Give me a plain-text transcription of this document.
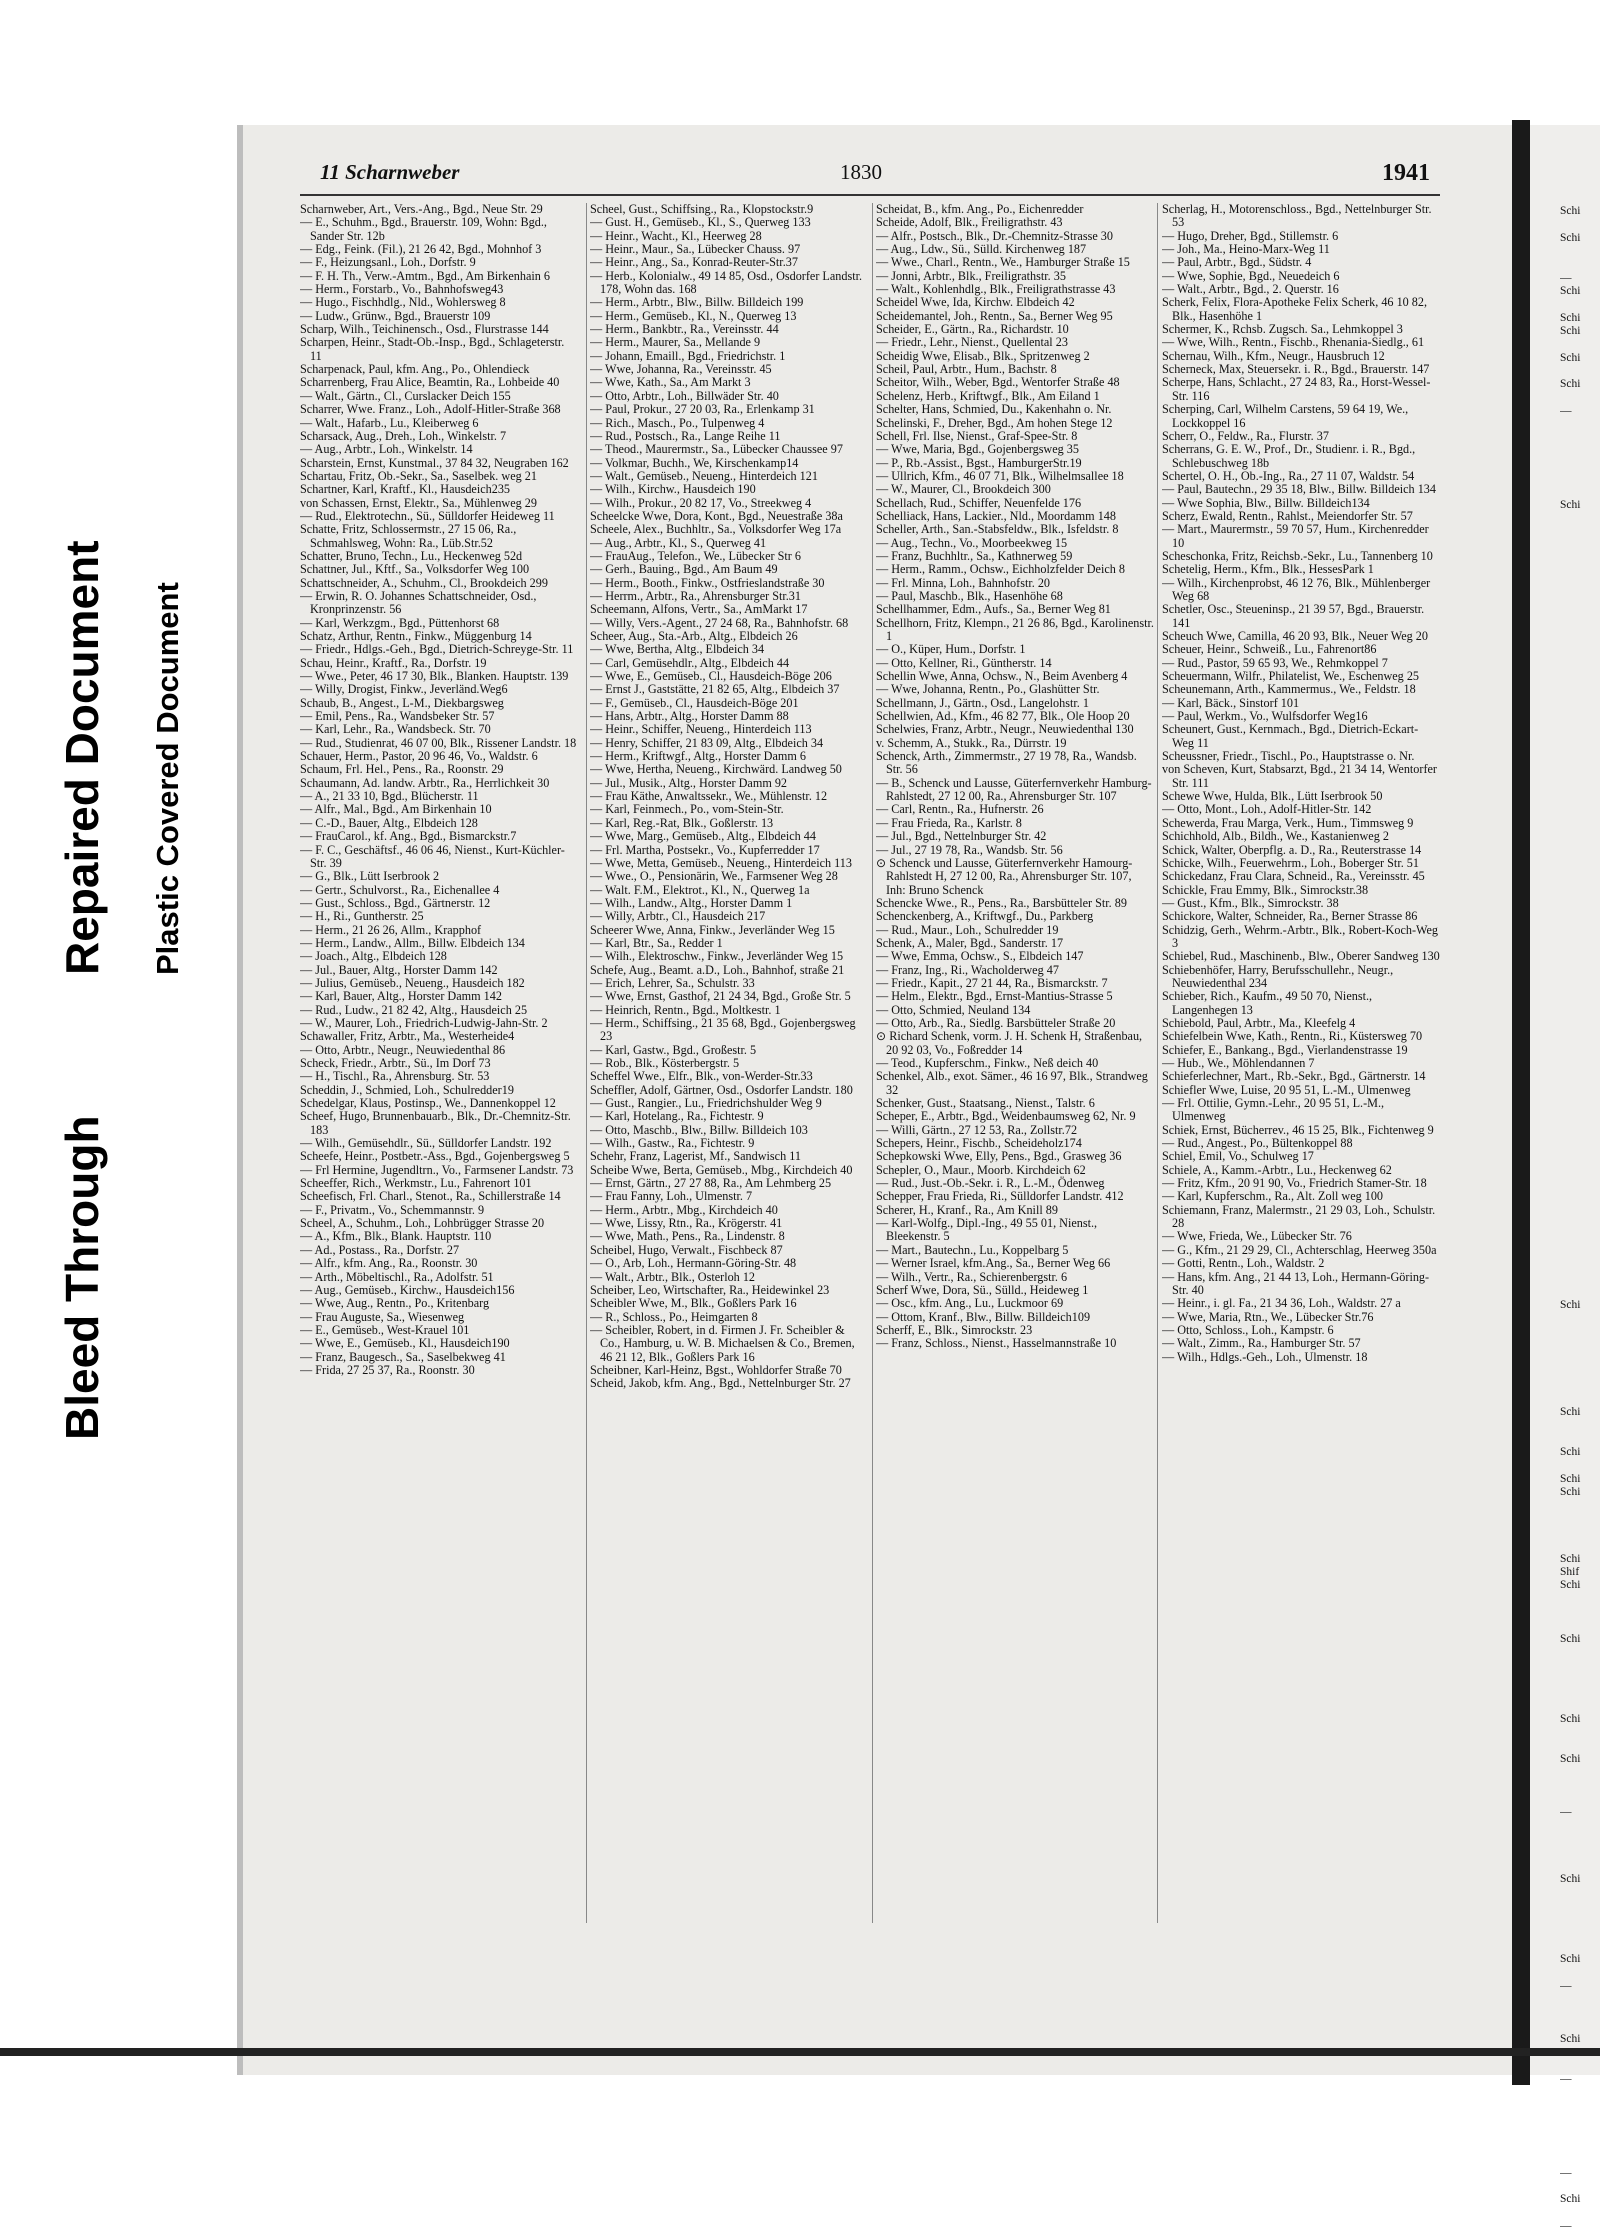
Bleed Through
Repaired Document Plastic Covered Document
11 Scharnweber	1830	1941
Scharnweber, Art., Vers.-Ang., Bgd., Neue Str. 29
— E., Schuhm., Bgd., Brauerstr. 109, Wohn: Bgd., Sander Str. 12b
— Edg., Feink. (Fil.), 21 26 42, Bgd., Mohnhof 3
— F., Heizungsanl., Loh., Dorfstr. 9
— F. H. Th., Verw.-Amtm., Bgd., Am Birkenhain 6
— Herm., Forstarb., Vo., Bahnhofsweg43
— Hugo., Fischhdlg., Nld., Wohlersweg 8
— Ludw., Grünw., Bgd., Brauerstr 109
Scharp, Wilh., Teichinensch., Osd., Flurstrasse 144
Scharpen, Heinr., Stadt-Ob.-Insp., Bgd., Schlageterstr. 11
Scharpenack, Paul, kfm. Ang., Po., Ohlendieck
Scharrenberg, Frau Alice, Beamtin, Ra., Lohbeide 40
— Walt., Gärtn., Cl., Curslacker Deich 155
Scharrer, Wwe. Franz., Loh., Adolf-Hitler-Straße 368
— Walt., Hafarb., Lu., Kleiberweg 6
Scharsack, Aug., Dreh., Loh., Winkelstr. 7
— Aug., Arbtr., Loh., Winkelstr. 14
Scharstein, Ernst, Kunstmal., 37 84 32, Neugraben 162
Schartau, Fritz, Ob.-Sekr., Sa., Saselbek. weg 21
Schartner, Karl, Kraftf., Kl., Hausdeich235
von Schassen, Ernst, Elektr., Sa., Mühlenweg 29
— Rud., Elektrotechn., Sü., Sülldorfer Heideweg 11
Schatte, Fritz, Schlossermstr., 27 15 06, Ra., Schmahlsweg, Wohn: Ra., Lüb.Str.52
Schatter, Bruno, Techn., Lu., Heckenweg 52d
Schattner, Jul., Kftf., Sa., Volksdorfer Weg 100
Schattschneider, A., Schuhm., Cl., Brookdeich 299
— Erwin, R. O. Johannes Schattschneider, Osd., Kronprinzenstr. 56
— Karl, Werkzgm., Bgd., Püttenhorst 68
Schatz, Arthur, Rentn., Finkw., Müggenburg 14
— Friedr., Hdlgs.-Geh., Bgd., Dietrich-Schreyge-Str. 11
Schau, Heinr., Kraftf., Ra., Dorfstr. 19
— Wwe., Peter, 46 17 30, Blk., Blanken. Hauptstr. 139
— Willy, Drogist, Finkw., Jeverländ.Weg6
Schaub, B., Angest., L-M., Diekbargsweg
— Emil, Pens., Ra., Wandsbeker Str. 57
— Karl, Lehr., Ra., Wandsbeck. Str. 70
— Rud., Studienrat, 46 07 00, Blk., Rissener Landstr. 18
Schauer, Herm., Pastor, 20 96 46, Vo., Waldstr. 6
Schaum, Frl. Hel., Pens., Ra., Roonstr. 29
Schaumann, Ad. landw. Arbtr., Ra., Herrlichkeit 30
— A., 21 33 10, Bgd., Blücherstr. 11
— Alfr., Mal., Bgd., Am Birkenhain 10
— C.-D., Bauer, Altg., Elbdeich 128
— FrauCarol., kf. Ang., Bgd., Bismarckstr.7
— F. C., Geschäftsf., 46 06 46, Nienst., Kurt-Küchler-Str. 39
— G., Blk., Lütt Iserbrook 2
— Gertr., Schulvorst., Ra., Eichenallee 4
— Gust., Schloss., Bgd., Gärtnerstr. 12
— H., Ri., Guntherstr. 25
— Herm., 21 26 26, Allm., Krapphof
— Herm., Landw., Allm., Billw. Elbdeich 134
— Joach., Altg., Elbdeich 128
— Jul., Bauer, Altg., Horster Damm 142
— Julius, Gemüseb., Neueng., Hausdeich 182
— Karl, Bauer, Altg., Horster Damm 142
— Rud., Ludw., 21 82 42, Altg., Hausdeich 25
— W., Maurer, Loh., Friedrich-Ludwig-Jahn-Str. 2
Schawaller, Fritz, Arbtr., Ma., Westerheide4
— Otto, Arbtr., Neugr., Neuwiedenthal 86
Scheck, Friedr., Arbtr., Sü., Im Dorf 73
— H., Tischl., Ra., Ahrensburg. Str. 53
Scheddin, J., Schmied, Loh., Schulredder19
Schedelgar, Klaus, Postinsp., We., Dannenkoppel 12
Scheef, Hugo, Brunnenbauarb., Blk., Dr.-Chemnitz-Str. 183
— Wilh., Gemüsehdlr., Sü., Sülldorfer Landstr. 192
Scheefe, Heinr., Postbetr.-Ass., Bgd., Gojenbergsweg 5
— Frl Hermine, Jugendltrn., Vo., Farmsener Landstr. 73
Scheeffer, Rich., Werkmstr., Lu., Fahrenort 101
Scheefisch, Frl. Charl., Stenot., Ra., Schillerstraße 14
— F., Privatm., Vo., Schemmannstr. 9
Scheel, A., Schuhm., Loh., Lohbrügger Strasse 20
— A., Kfm., Blk., Blank. Hauptstr. 110
— Ad., Postass., Ra., Dorfstr. 27
— Alfr., kfm. Ang., Ra., Roonstr. 30
— Arth., Möbeltischl., Ra., Adolfstr. 51
— Aug., Gemüseb., Kirchw., Hausdeich156
— Wwe, Aug., Rentn., Po., Kritenbarg
— Frau Auguste, Sa., Wiesenweg
— E., Gemüseb., West-Krauel 101
— Wwe, E., Gemüseb., Kl., Hausdeich190
— Franz, Baugesch., Sa., Saselbekweg 41
— Frida, 27 25 37, Ra., Roonstr. 30
Scheel, Gust., Schiffsing., Ra., Klopstockstr.9
— Gust. H., Gemüseb., Kl., S., Querweg 133
— Heinr., Wacht., Kl., Heerweg 28
— Heinr., Maur., Sa., Lübecker Chauss. 97
— Heinr., Ang., Sa., Konrad-Reuter-Str.37
— Herb., Kolonialw., 49 14 85, Osd., Osdorfer Landstr. 178, Wohn das. 168
— Herm., Arbtr., Blw., Billw. Billdeich 199
— Herm., Gemüseb., Kl., N., Querweg 13
— Herm., Bankbtr., Ra., Vereinsstr. 44
— Herm., Maurer, Sa., Mellande 9
— Johann, Emaill., Bgd., Friedrichstr. 1
— Wwe, Johanna, Ra., Vereinsstr. 45
— Wwe, Kath., Sa., Am Markt 3
— Otto, Arbtr., Loh., Billwäder Str. 40
— Paul, Prokur., 27 20 03, Ra., Erlenkamp 31
— Rich., Masch., Po., Tulpenweg 4
— Rud., Postsch., Ra., Lange Reihe 11
— Theod., Maurermstr., Sa., Lübecker Chaussee 97
— Volkmar, Buchh., We, Kirschenkamp14
— Walt., Gemüseb., Neueng., Hinterdeich 121
— Wilh., Kirchw., Hausdeich 190
— Wilh., Prokur., 20 82 17, Vo., Streekweg 4
Scheelcke Wwe, Dora, Kont., Bgd., Neuestraße 38a
Scheele, Alex., Buchhltr., Sa., Volksdorfer Weg 17a
— Aug., Arbtr., Kl., S., Querweg 41
— FrauAug., Telefon., We., Lübecker Str 6
— Gerh., Bauing., Bgd., Am Baum 49
— Herm., Booth., Finkw., Ostfrieslandstraße 30
— Herrm., Arbtr., Ra., Ahrensburger Str.31
Scheemann, Alfons, Vertr., Sa., AmMarkt 17
— Willy, Vers.-Agent., 27 24 68, Ra., Bahnhofstr. 68
Scheer, Aug., Sta.-Arb., Altg., Elbdeich 26
— Wwe, Bertha, Altg., Elbdeich 34
— Carl, Gemüsehdlr., Altg., Elbdeich 44
— Wwe, E., Gemüseb., Cl., Hausdeich-Böge 206
— Ernst J., Gaststätte, 21 82 65, Altg., Elbdeich 37
— F., Gemüseb., Cl., Hausdeich-Böge 201
— Hans, Arbtr., Altg., Horster Damm 88
— Heinr., Schiffer, Neueng., Hinterdeich 113
— Henry, Schiffer, 21 83 09, Altg., Elbdeich 34
— Herm., Kriftwgf., Altg., Horster Damm 6
— Wwe, Hertha, Neueng., Kirchwärd. Landweg 50
— Jul., Musik., Altg., Horster Damm 92
— Frau Käthe, Anwaltssekr., We., Mühlenstr. 12
— Karl, Feinmech., Po., vom-Stein-Str.
— Karl, Reg.-Rat, Blk., Goßlerstr. 13
— Wwe, Marg., Gemüseb., Altg., Elbdeich 44
— Frl. Martha, Postsekr., Vo., Kupferredder 17
— Wwe, Metta, Gemüseb., Neueng., Hinterdeich 113
— Wwe., O., Pensionärin, We., Farmsener Weg 28
— Walt. F.M., Elektrot., Kl., N., Querweg 1a
— Wilh., Landw., Altg., Horster Damm 1
— Willy, Arbtr., Cl., Hausdeich 217
Scheerer Wwe, Anna, Finkw., Jeverländer Weg 15
— Karl, Btr., Sa., Redder 1
— Wilh., Elektroschw., Finkw., Jeverländer Weg 15
Schefe, Aug., Beamt. a.D., Loh., Bahnhof, straße 21
— Erich, Lehrer, Sa., Schulstr. 33
— Wwe, Ernst, Gasthof, 21 24 34, Bgd., Große Str. 5
— Heinrich, Rentn., Bgd., Moltkestr. 1
— Herm., Schiffsing., 21 35 68, Bgd., Gojenbergsweg 23
— Karl, Gastw., Bgd., Großestr. 5
— Rob., Blk., Kösterbergstr. 5
Scheffel Wwe., Elfr., Blk., von-Werder-Str.33
Scheffler, Adolf, Gärtner, Osd., Osdorfer Landstr. 180
— Gust., Rangier., Lu., Friedrichshulder Weg 9
— Karl, Hotelang., Ra., Fichtestr. 9
— Otto, Maschb., Blw., Billw. Billdeich 103
— Wilh., Gastw., Ra., Fichtestr. 9
Schehr, Franz, Lagerist, Mf., Sandwisch 11
Scheibe Wwe, Berta, Gemüseb., Mbg., Kirchdeich 40
— Ernst, Gärtn., 27 27 88, Ra., Am Lehmberg 25
— Frau Fanny, Loh., Ulmenstr. 7
— Herm., Arbtr., Mbg., Kirchdeich 40
— Wwe, Lissy, Rtn., Ra., Krögerstr. 41
— Wwe, Math., Pens., Ra., Lindenstr. 8
Scheibel, Hugo, Verwalt., Fischbeck 87
— O., Arb, Loh., Hermann-Göring-Str. 48
— Walt., Arbtr., Blk., Osterloh 12
Scheiber, Leo, Wirtschafter, Ra., Heidewinkel 23
Scheibler Wwe, M., Blk., Goßlers Park 16
— R., Schloss., Po., Heimgarten 8
— Scheibler, Robert, in d. Firmen J. Fr. Scheibler & Co., Hamburg, u. W. B. Michaelsen & Co., Bremen, 46 21 12, Blk., Goßlers Park 16
Scheibner, Karl-Heinz, Bgst., Wohldorfer Straße 70
Scheid, Jakob, kfm. Ang., Bgd., Nettelnburger Str. 27
Scheidat, B., kfm. Ang., Po., Eichenredder
Scheide, Adolf, Blk., Freiligrathstr. 43
— Alfr., Postsch., Blk., Dr.-Chemnitz-Strasse 30
— Aug., Ldw., Sü., Sülld. Kirchenweg 187
— Wwe., Charl., Rentn., We., Hamburger Straße 15
— Jonni, Arbtr., Blk., Freiligrathstr. 35
— Walt., Kohlenhdlg., Blk., Freiligrathstrasse 43
Scheidel Wwe, Ida, Kirchw. Elbdeich 42
Scheidemantel, Joh., Rentn., Sa., Berner Weg 95
Scheider, E., Gärtn., Ra., Richardstr. 10
— Friedr., Lehr., Nienst., Quellental 23
Scheidig Wwe, Elisab., Blk., Spritzenweg 2
Scheil, Paul, Arbtr., Hum., Bachstr. 8
Scheitor, Wilh., Weber, Bgd., Wentorfer Straße 48
Schelenz, Herb., Kriftwgf., Blk., Am Eiland 1
Schelter, Hans, Schmied, Du., Kakenhahn o. Nr.
Schelinski, F., Dreher, Bgd., Am hohen Stege 12
Schell, Frl. Ilse, Nienst., Graf-Spee-Str. 8
— Wwe, Maria, Bgd., Gojenbergsweg 35
— P., Rb.-Assist., Bgst., HamburgerStr.19
— Ullrich, Kfm., 46 07 71, Blk., Wilhelmsallee 18
— W., Maurer, Cl., Brookdeich 300
Schellach, Rud., Schiffer, Neuenfelde 176
Schelliack, Hans, Lackier., Nld., Moordamm 148
Scheller, Arth., San.-Stabsfeldw., Blk., Isfeldstr. 8
— Aug., Techn., Vo., Moorbeekweg 15
— Franz, Buchhltr., Sa., Kathnerweg 59
— Herm., Ramm., Ochsw., Eichholzfelder Deich 8
— Frl. Minna, Loh., Bahnhofstr. 20
— Paul, Maschb., Blk., Hasenhöhe 68
Schellhammer, Edm., Aufs., Sa., Berner Weg 81
Schellhorn, Fritz, Klempn., 21 26 86, Bgd., Karolinenstr. 1
— O., Küper, Hum., Dorfstr. 1
— Otto, Kellner, Ri., Güntherstr. 14
Schellin Wwe, Anna, Ochsw., N., Beim Avenberg 4
— Wwe, Johanna, Rentn., Po., Glashütter Str.
Schellmann, J., Gärtn., Osd., Langelohstr. 1
Schellwien, Ad., Kfm., 46 82 77, Blk., Ole Hoop 20
Schelwies, Franz, Arbtr., Neugr., Neuwiedenthal 130
v. Schemm, A., Stukk., Ra., Dürrstr. 19
Schenck, Arth., Zimmermstr., 27 19 78, Ra., Wandsb. Str. 56
— B., Schenck und Lausse, Güterfernverkehr Hamburg-Rahlstedt, 27 12 00, Ra., Ahrensburger Str. 107
— Carl, Rentn., Ra., Hufnerstr. 26
— Frau Frieda, Ra., Karlstr. 8
— Jul., Bgd., Nettelnburger Str. 42
— Jul., 27 19 78, Ra., Wandsb. Str. 56
⊙ Schenck und Lausse, Güterfernverkehr Hamourg-Rahlstedt H, 27 12 00, Ra., Ahrensburger Str. 107, Inh: Bruno Schenck
Schencke Wwe., R., Pens., Ra., Barsbütteler Str. 89
Schenckenberg, A., Kriftwgf., Du., Parkberg
— Rud., Maur., Loh., Schulredder 19
Schenk, A., Maler, Bgd., Sanderstr. 17
— Wwe, Emma, Ochsw., S., Elbdeich 147
— Franz, Ing., Ri., Wacholderweg 47
— Friedr., Kapit., 27 21 44, Ra., Bismarckstr. 7
— Helm., Elektr., Bgd., Ernst-Mantius-Strasse 5
— Otto, Schmied, Neuland 134
— Otto, Arb., Ra., Siedlg. Barsbütteler Straße 20
⊙ Richard Schenk, vorm. J. H. Schenk H, Straßenbau, 20 92 03, Vo., Foßredder 14
— Teod., Kupferschm., Finkw., Neß deich 40
Schenkel, Alb., exot. Sämer., 46 16 97, Blk., Strandweg 32
Schenker, Gust., Staatsang., Nienst., Talstr. 6
Scheper, E., Arbtr., Bgd., Weidenbaumsweg 62, Nr. 9
— Willi, Gärtn., 27 12 53, Ra., Zollstr.72
Schepers, Heinr., Fischb., Scheideholz174
Schepkowski Wwe, Elly, Pens., Bgd., Grasweg 36
Schepler, O., Maur., Moorb. Kirchdeich 62
— Rud., Just.-Ob.-Sekr. i. R., L.-M., Ödenweg
Schepper, Frau Frieda, Ri., Sülldorfer Landstr. 412
Scherer, H., Kranf., Ra., Am Knill 89
— Karl-Wolfg., Dipl.-Ing., 49 55 01, Nienst., Bleekenstr. 5
— Mart., Bautechn., Lu., Koppelbarg 5
— Werner Israel, kfm.Ang., Sa., Berner Weg 66
— Wilh., Vertr., Ra., Schierenbergstr. 6
Scherf Wwe, Dora, Sü., Sülld., Heideweg 1
— Osc., kfm. Ang., Lu., Luckmoor 69
— Ottom, Kranf., Blw., Billw. Billdeich109
Scherff, E., Blk., Simrockstr. 23
— Franz, Schloss., Nienst., Hasselmannstraße 10
Scherlag, H., Motorenschloss., Bgd., Nettelnburger Str. 53
— Hugo, Dreher, Bgd., Stillemstr. 6
— Joh., Ma., Heino-Marx-Weg 11
— Paul, Arbtr., Bgd., Südstr. 4
— Wwe, Sophie, Bgd., Neuedeich 6
— Walt., Arbtr., Bgd., 2. Querstr. 16
Scherk, Felix, Flora-Apotheke Felix Scherk, 46 10 82, Blk., Hasenhöhe 1
Schermer, K., Rchsb. Zugsch. Sa., Lehmkoppel 3
— Wwe, Wilh., Rentn., Fischb., Rhenania-Siedlg., 61
Schernau, Wilh., Kfm., Neugr., Hausbruch 12
Scherneck, Max, Steuersekr. i. R., Bgd., Brauerstr. 147
Scherpe, Hans, Schlacht., 27 24 83, Ra., Horst-Wessel-Str. 116
Scherping, Carl, Wilhelm Carstens, 59 64 19, We., Lockkoppel 16
Scherr, O., Feldw., Ra., Flurstr. 37
Scherrans, G. E. W., Prof., Dr., Studienr. i. R., Bgd., Schlebuschweg 18b
Schertel, O. H., Ob.-Ing., Ra., 27 11 07, Waldstr. 54
— Paul, Bautechn., 29 35 18, Blw., Billw. Billdeich 134
— Wwe Sophia, Blw., Billw. Billdeich134
Scherz, Ewald, Rentn., Rahlst., Meiendorfer Str. 57
— Mart., Maurermstr., 59 70 57, Hum., Kirchenredder 10
Scheschonka, Fritz, Reichsb.-Sekr., Lu., Tannenberg 10
Schetelig, Herm., Kfm., Blk., HessesPark 1
— Wilh., Kirchenprobst, 46 12 76, Blk., Mühlenberger Weg 68
Schetler, Osc., Steueninsp., 21 39 57, Bgd., Brauerstr. 141
Scheuch Wwe, Camilla, 46 20 93, Blk., Neuer Weg 20
Scheuer, Heinr., Schweiß., Lu., Fahrenort86
— Rud., Pastor, 59 65 93, We., Rehmkoppel 7
Scheuermann, Wilfr., Philatelist, We., Eschenweg 25
Scheunemann, Arth., Kammermus., We., Feldstr. 18
— Karl, Bäck., Sinstorf 101
— Paul, Werkm., Vo., Wulfsdorfer Weg16
Scheunert, Gust., Kernmach., Bgd., Dietrich-Eckart-Weg 11
Scheussner, Friedr., Tischl., Po., Hauptstrasse o. Nr.
von Scheven, Kurt, Stabsarzt, Bgd., 21 34 14, Wentorfer Str. 111
Schewe Wwe, Hulda, Blk., Lütt Iserbrook 50
— Otto, Mont., Loh., Adolf-Hitler-Str. 142
Schewerda, Frau Marga, Verk., Hum., Timmsweg 9
Schichhold, Alb., Bildh., We., Kastanienweg 2
Schick, Walter, Oberpflg. a. D., Ra., Reuterstrasse 14
Schicke, Wilh., Feuerwehrm., Loh., Boberger Str. 51
Schickedanz, Frau Clara, Schneid., Ra., Vereinsstr. 45
Schickle, Frau Emmy, Blk., Simrockstr.38
— Gust., Kfm., Blk., Simrockstr. 38
Schickore, Walter, Schneider, Ra., Berner Strasse 86
Schidzig, Gerh., Wehrm.-Arbtr., Blk., Robert-Koch-Weg 3
Schiebel, Rud., Maschinenb., Blw., Oberer Sandweg 130
Schiebenhöfer, Harry, Berufsschullehr., Neugr., Neuwiedenthal 234
Schieber, Rich., Kaufm., 49 50 70, Nienst., Langenhegen 13
Schiebold, Paul, Arbtr., Ma., Kleefelg 4
Schiefelbein Wwe, Kath., Rentn., Ri., Küstersweg 70
Schiefer, E., Bankang., Bgd., Vierlandenstrasse 19
— Hub., We., Möhlendannen 7
Schieferlechner, Mart., Rb.-Sekr., Bgd., Gärtnerstr. 14
Schiefler Wwe, Luise, 20 95 51, L.-M., Ulmenweg
— Frl. Ottilie, Gymn.-Lehr., 20 95 51, L.-M., Ulmenweg
Schiek, Ernst, Bücherrev., 46 15 25, Blk., Fichtenweg 9
— Rud., Angest., Po., Bültenkoppel 88
Schiel, Emil, Vo., Schulweg 17
Schiele, A., Kamm.-Arbtr., Lu., Heckenweg 62
— Fritz, Kfm., 20 91 90, Vo., Friedrich Stamer-Str. 18
— Karl, Kupferschm., Ra., Alt. Zoll weg 100
Schiemann, Franz, Malermstr., 21 29 03, Loh., Schulstr. 28
— Wwe, Frieda, We., Lübecker Str. 76
— G., Kfm., 21 29 29, Cl., Achterschlag, Heerweg 350a
— Gotti, Rentn., Loh., Waldstr. 2
— Hans, kfm. Ang., 21 44 13, Loh., Hermann-Göring-Str. 40
— Heinr., i. gl. Fa., 21 34 36, Loh., Waldstr. 27 a
— Wwe, Maria, Rtn., We., Lübecker Str.76
— Otto, Schloss., Loh., Kampstr. 6
— Walt., Zimm., Ra., Hamburger Str. 57
— Wilh., Hdlgs.-Geh., Loh., Ulmenstr. 18
Schi
Schi
—
Schi
Schi
Schi
Schi
Schi
—
Schi
Schi
Schi
Schi
Schi
Schi
Schi
Shif
Schi
Schi
Schi
Schi
—
Schi
Schi
—
Schi
—
—
Schi
—
